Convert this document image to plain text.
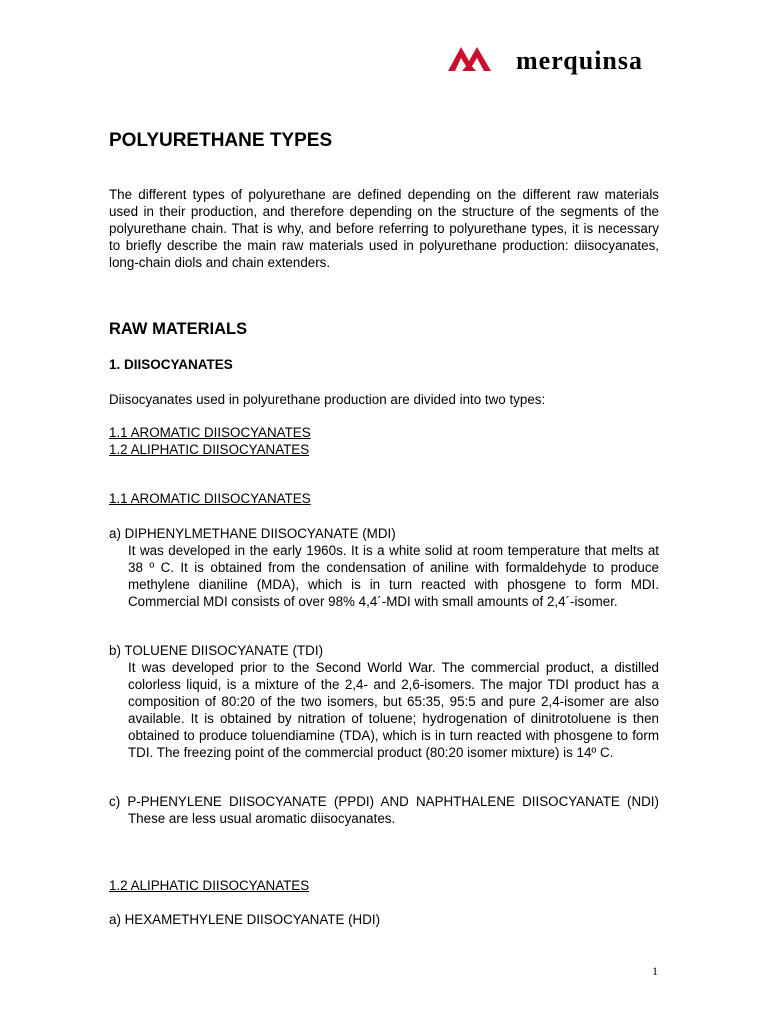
merquinsa
POLYURETHANE TYPES
The different types of polyurethane are defined depending on the different raw materials used in their production, and therefore depending on the structure of the segments of the polyurethane chain. That is why, and before referring to polyurethane types, it is necessary to briefly describe the main raw materials used in polyurethane production: diisocyanates, long-chain diols and chain extenders.
RAW MATERIALS
1. DIISOCYANATES
Diisocyanates used in polyurethane production are divided into two types:
1.1 AROMATIC DIISOCYANATES
1.2 ALIPHATIC DIISOCYANATES
1.1 AROMATIC DIISOCYANATES
a) DIPHENYLMETHANE DIISOCYANATE (MDI)
It was developed in the early 1960s. It is a white solid at room temperature that melts at 38 º C. It is obtained from the condensation of aniline with formaldehyde to produce methylene dianiline (MDA), which is in turn reacted with phosgene to form MDI. Commercial MDI consists of over 98% 4,4´-MDI with small amounts of 2,4´-isomer.
b) TOLUENE DIISOCYANATE (TDI)
It was developed prior to the Second World War. The commercial product, a distilled colorless liquid, is a mixture of the 2,4- and 2,6-isomers. The major TDI product has a composition of 80:20 of the two isomers, but 65:35, 95:5 and pure 2,4-isomer are also available. It is obtained by nitration of toluene; hydrogenation of dinitrotoluene is then obtained to produce toluendiamine (TDA), which is in turn reacted with phosgene to form TDI. The freezing point of the commercial product (80:20 isomer mixture) is 14º C.
c) P-PHENYLENE DIISOCYANATE (PPDI) AND NAPHTHALENE DIISOCYANATE (NDI)
These are less usual aromatic diisocyanates.
1.2 ALIPHATIC DIISOCYANATES
a) HEXAMETHYLENE DIISOCYANATE (HDI)
1
